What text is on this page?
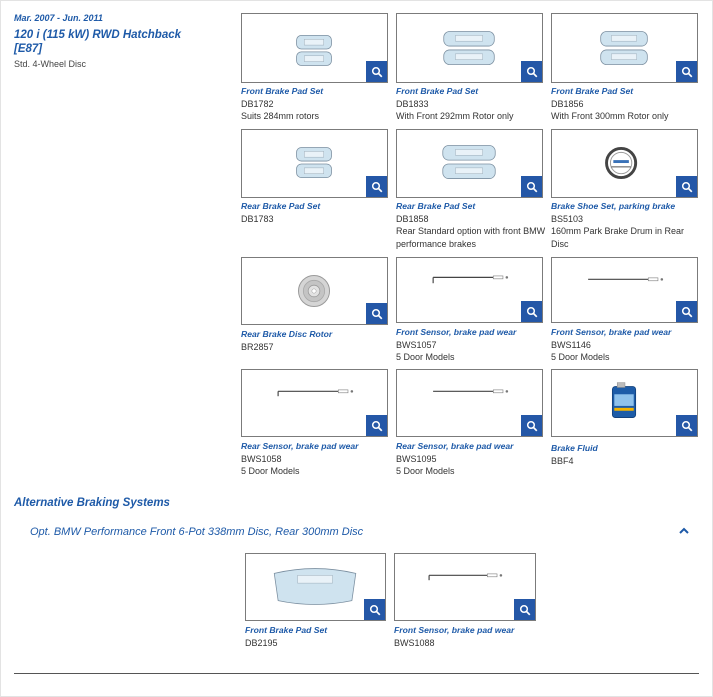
Mar. 2007 - Jun. 2011
120 i (115 kW) RWD Hatchback
[E87]
Std. 4-Wheel Disc
Front Brake Pad Set
DB1782
Suits 284mm rotors
Front Brake Pad Set
DB1833
With Front 292mm Rotor only
Front Brake Pad Set
DB1856
With Front 300mm Rotor only
Rear Brake Pad Set
DB1783
Rear Brake Pad Set
DB1858
Rear Standard option with front BMW performance brakes
Brake Shoe Set, parking brake
BS5103
160mm Park Brake Drum in Rear Disc
Rear Brake Disc Rotor
BR2857
Front Sensor, brake pad wear
BWS1057
5 Door Models
Front Sensor, brake pad wear
BWS1146
5 Door Models
Rear Sensor, brake pad wear
BWS1058
5 Door Models
Rear Sensor, brake pad wear
BWS1095
5 Door Models
Brake Fluid
BBF4
Alternative Braking Systems
Opt. BMW Performance Front 6-Pot 338mm Disc, Rear 300mm Disc
Front Brake Pad Set
DB2195
Front Sensor, brake pad wear
BWS1088
